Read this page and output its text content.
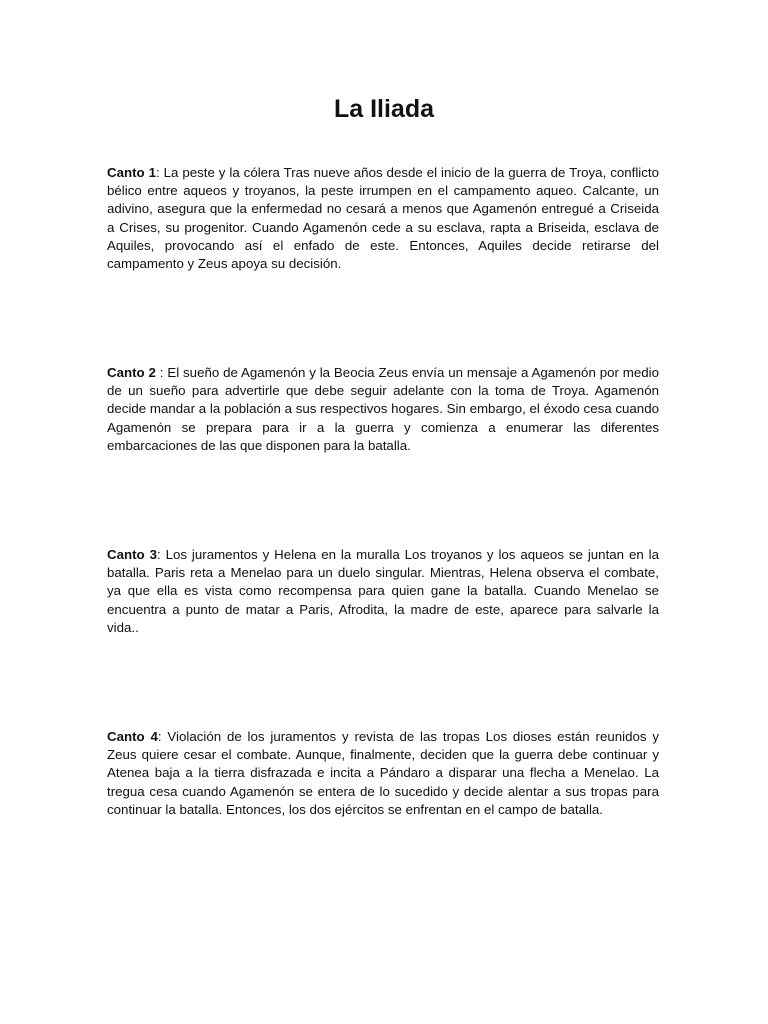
La Iliada

Canto 1: La peste y la cólera Tras nueve años desde el inicio de la guerra de Troya, conflicto bélico entre aqueos y troyanos, la peste irrumpen en el campamento aqueo. Calcante, un adivino, asegura que la enfermedad no cesará a menos que Agamenón entregué a Criseida a Crises, su progenitor. Cuando Agamenón cede a su esclava, rapta a Briseida, esclava de Aquiles, provocando así el enfado de este. Entonces, Aquiles decide retirarse del campamento y Zeus apoya su decisión.

Canto 2 : El sueño de Agamenón y la Beocia Zeus envía un mensaje a Agamenón por medio de un sueño para advertirle que debe seguir adelante con la toma de Troya. Agamenón decide mandar a la población a sus respectivos hogares. Sin embargo, el éxodo cesa cuando Agamenón se prepara para ir a la guerra y comienza a enumerar las diferentes embarcaciones de las que disponen para la batalla.

Canto 3: Los juramentos y Helena en la muralla Los troyanos y los aqueos se juntan en la batalla. Paris reta a Menelao para un duelo singular. Mientras, Helena observa el combate, ya que ella es vista como recompensa para quien gane la batalla. Cuando Menelao se encuentra a punto de matar a Paris, Afrodita, la madre de este, aparece para salvarle la vida..

Canto 4: Violación de los juramentos y revista de las tropas Los dioses están reunidos y Zeus quiere cesar el combate. Aunque, finalmente, deciden que la guerra debe continuar y Atenea baja a la tierra disfrazada e incita a Pándaro a disparar una flecha a Menelao. La tregua cesa cuando Agamenón se entera de lo sucedido y decide alentar a sus tropas para continuar la batalla. Entonces, los dos ejércitos se enfrentan en el campo de batalla.
